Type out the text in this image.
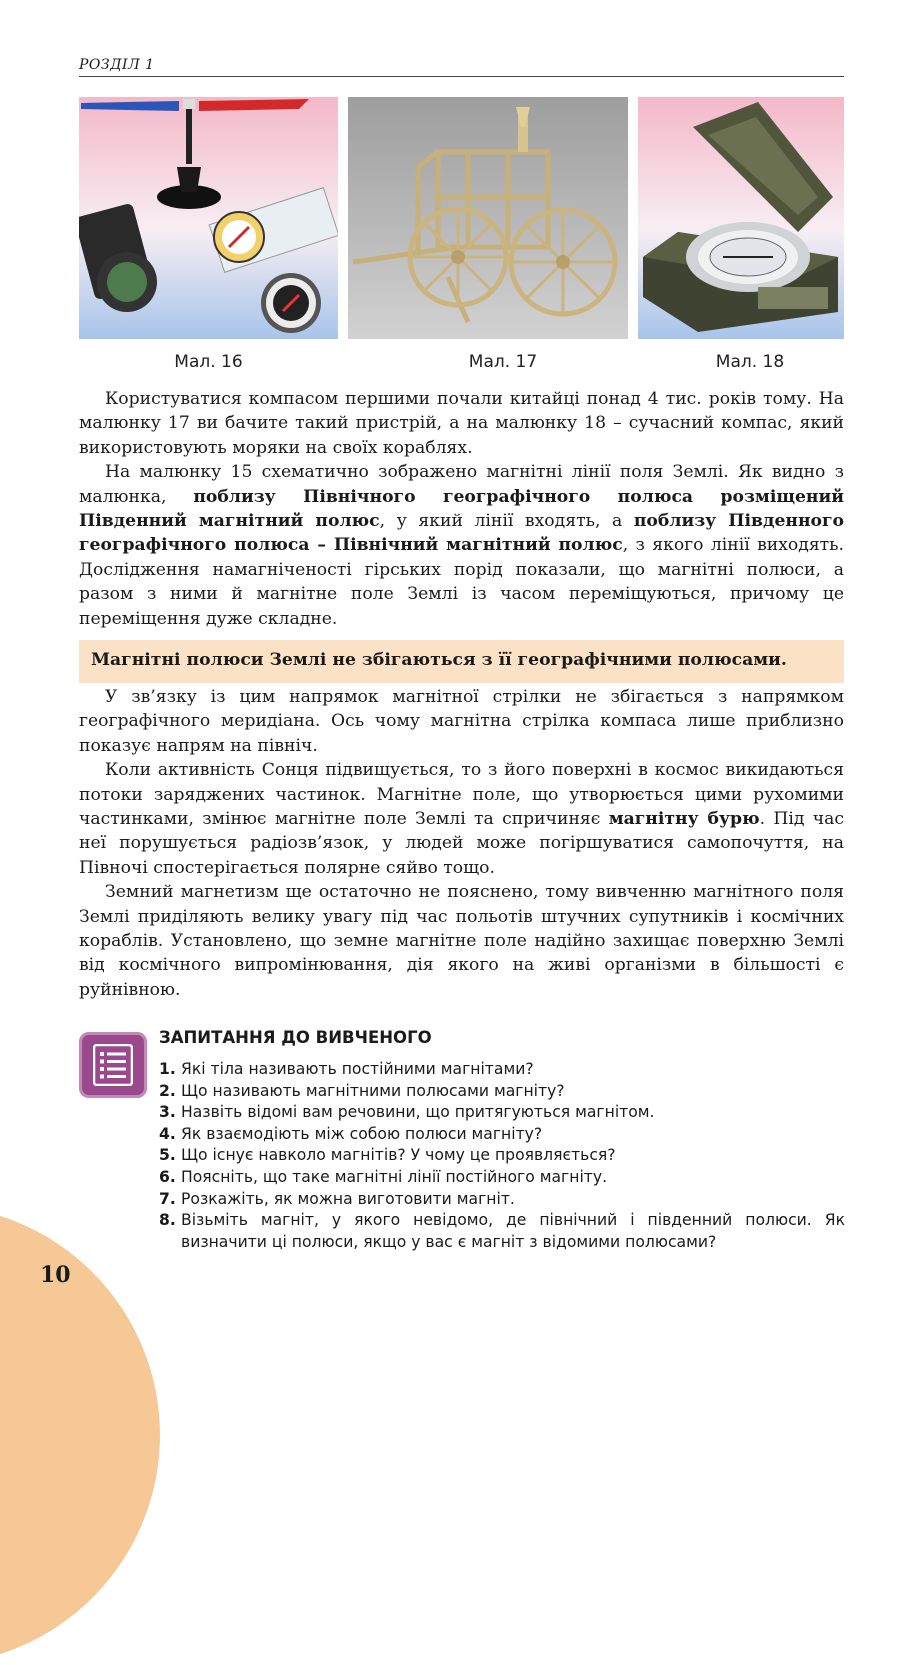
РОЗДІЛ 1
Мал. 16	Мал. 17	Мал. 18

Користуватися компасом першими почали китайці понад 4 тис. років тому. На малюнку 17 ви бачите такий пристрій, а на малюнку 18 – сучасний компас, який використовують моряки на своїх кораблях.

На малюнку 15 схематично зображено магнітні лінії поля Землі. Як видно з малюнка, поблизу Північного географічного полюса розміщений Південний магнітний полюс, у який лінії входять, а поблизу Південного географічного полюса – Північний магнітний полюс, з якого лінії виходять. Дослідження намагніченості гірських порід показали, що магнітні полюси, а разом з ними й магнітне поле Землі із часом переміщуються, причому це переміщення дуже складне.

Магнітні полюси Землі не збігаються з її географічними полюсами.

У зв’язку із цим напрямок магнітної стрілки не збігається з напрямком географічного меридіана. Ось чому магнітна стрілка компаса лише приблизно показує напрям на північ.

Коли активність Сонця підвищується, то з його поверхні в космос викидаються потоки заряджених частинок. Магнітне поле, що утворюється цими рухомими частинками, змінює магнітне поле Землі та спричиняє магнітну бурю. Під час неї порушується радіозв’язок, у людей може погіршуватися самопочуття, на Півночі спостерігається полярне сяйво тощо.

Земний магнетизм ще остаточно не пояснено, тому вивченню магнітного поля Землі приділяють велику увагу під час польотів штучних супутників і космічних кораблів. Установлено, що земне магнітне поле надійно захищає поверхню Землі від космічного випромінювання, дія якого на живі організми в більшості є руйнівною.

ЗАПИТАННЯ ДО ВИВЧЕНОГО
1. Які тіла називають постійними магнітами?
2. Що називають магнітними полюсами магніту?
3. Назвіть відомі вам речовини, що притягуються магнітом.
4. Як взаємодіють між собою полюси магніту?
5. Що існує навколо магнітів? У чому це проявляється?
6. Поясніть, що таке магнітні лінії постійного магніту.
7. Розкажіть, як можна виготовити магніт.
8. Візьміть магніт, у якого невідомо, де північний і південний полюси. Як визначити ці полюси, якщо у вас є магніт з відомими полюсами?
10
